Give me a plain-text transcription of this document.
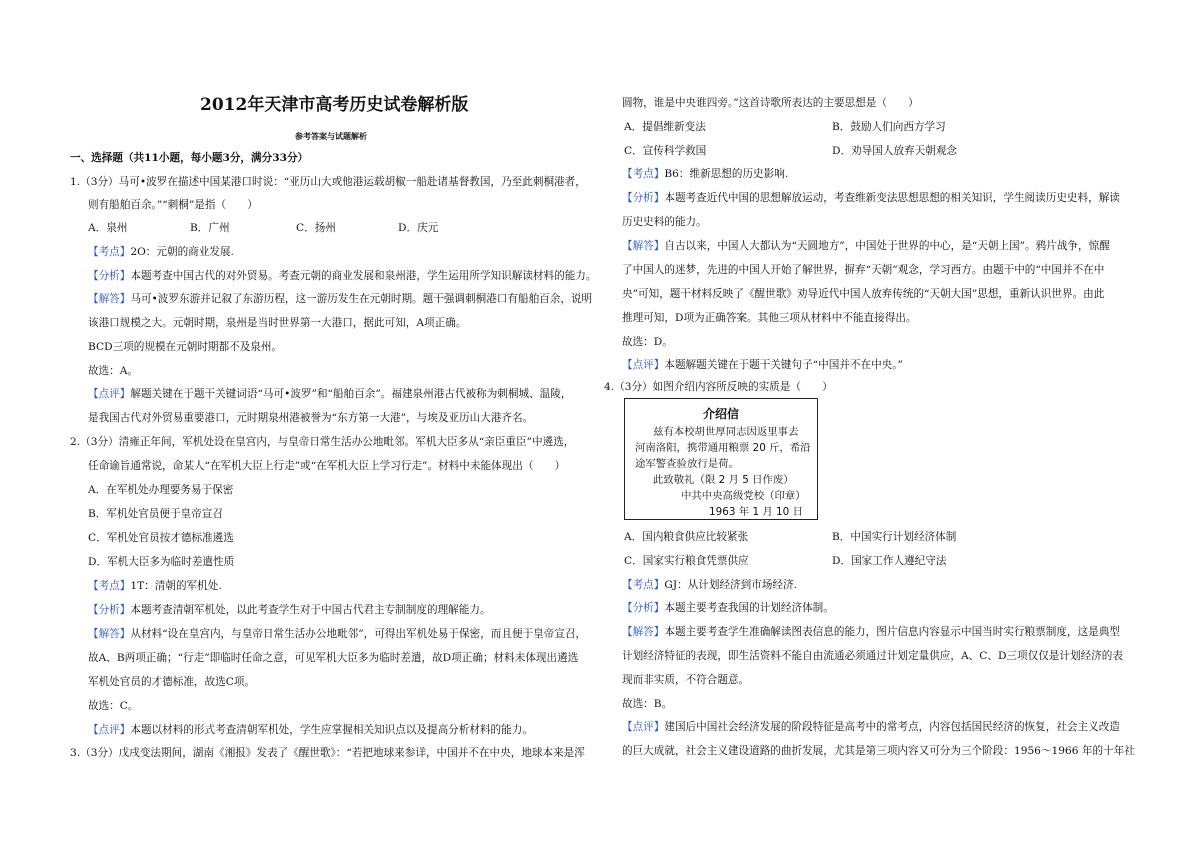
2012年天津市高考历史试卷解析版
参考答案与试题解析
一、选择题（共11小题，每小题3分，满分33分）
1.（3分）马可•波罗在描述中国某港口时说：“亚历山大或他港运载胡椒一船赴诸基督教国，乃至此刺桐港者，
则有船舶百余。”“刺桐”是指（　　）
A．泉州	B．广州	C．扬州	D．庆元
【考点】2O：元朝的商业发展.
【分析】本题考查中国古代的对外贸易。考查元朝的商业发展和泉州港，学生运用所学知识解读材料的能力。
【解答】马可•波罗东游并记叙了东游历程，这一游历发生在元朝时期。题干强调刺桐港口有船舶百余，说明
该港口规模之大。元朝时期，泉州是当时世界第一大港口，据此可知，A项正确。
BCD三项的规模在元朝时期都不及泉州。
故选：A。
【点评】解题关键在于题干关键词语“马可•波罗”和“船舶百余”。福建泉州港古代被称为刺桐城、温陵，
是我国古代对外贸易重要港口，元时期泉州港被誉为“东方第一大港”，与埃及亚历山大港齐名。
2.（3分）清雍正年间，军机处设在皇宫内，与皇帝日常生活办公地毗邻。军机大臣多从“亲臣重臣”中遴选，
任命谕旨通常说，命某人“在军机大臣上行走”或“在军机大臣上学习行走”。材料中未能体现出（　　）
A．在军机处办理要务易于保密
B．军机处官员便于皇帝宣召
C．军机处官员按才德标准遴选
D．军机大臣多为临时差遣性质
【考点】1T：清朝的军机处.
【分析】本题考查清朝军机处，以此考查学生对于中国古代君主专制制度的理解能力。
【解答】从材料“设在皇宫内，与皇帝日常生活办公地毗邻”，可得出军机处易于保密，而且便于皇帝宣召，
故A、B两项正确；“行走”即临时任命之意，可见军机大臣多为临时差遣，故D项正确；材料未体现出遴选
军机处官员的才德标准，故选C项。
故选：C。
【点评】本题以材料的形式考查清朝军机处，学生应掌握相关知识点以及提高分析材料的能力。
3.（3分）戊戌变法期间，湖南《湘报》发表了《醒世歌》：“若把地球来参详，中国并不在中央，地球本来是浑
圆物，谁是中央谁四旁。”这首诗歌所表达的主要思想是（　　）
A．提倡维新变法	B．鼓励人们向西方学习
C．宣传科学救国	D．劝导国人放弃天朝观念
【考点】B6：维新思想的历史影响.
【分析】本题考查近代中国的思想解放运动，考查维新变法思想思想的相关知识，学生阅读历史史料，解读
历史史料的能力。
【解答】自古以来，中国人大都认为“天圆地方”，中国处于世界的中心，是“天朝上国”。鸦片战争，惊醒
了中国人的迷梦，先进的中国人开始了解世界，摒弃“天朝”观念，学习西方。由题干中的“中国并不在中
央”可知，题干材料反映了《醒世歌》劝导近代中国人放弃传统的“天朝大国”思想，重新认识世界。由此
推理可知，D项为正确答案。其他三项从材料中不能直接得出。
故选：D。
【点评】本题解题关键在于题干关键句子“中国并不在中央。”
4.（3分）如图介绍内容所反映的实质是（　　）
介绍信
兹有本校胡世厚同志因返里事去
河南洛阳，携带通用粮票 20 斤，希沿
途军警查验放行是荷。
此致敬礼（限 2 月 5 日作废）
中共中央高级党校（印章）
1963 年 1 月 10 日
A．国内粮食供应比较紧张	B．中国实行计划经济体制
C．国家实行粮食凭票供应	D．国家工作人遵纪守法
【考点】GJ：从计划经济到市场经济.
【分析】本题主要考查我国的计划经济体制。
【解答】本题主要考查学生准确解读图表信息的能力，图片信息内容显示中国当时实行粮票制度，这是典型
计划经济特征的表现，即生活资料不能自由流通必须通过计划定量供应，A、C、D三项仅仅是计划经济的表
现而非实质，不符合题意。
故选：B。
【点评】建国后中国社会经济发展的阶段特征是高考中的常考点，内容包括国民经济的恢复，社会主义改造
的巨大成就，社会主义建设道路的曲折发展，尤其是第三项内容又可分为三个阶段：1956～1966 年的十年社
